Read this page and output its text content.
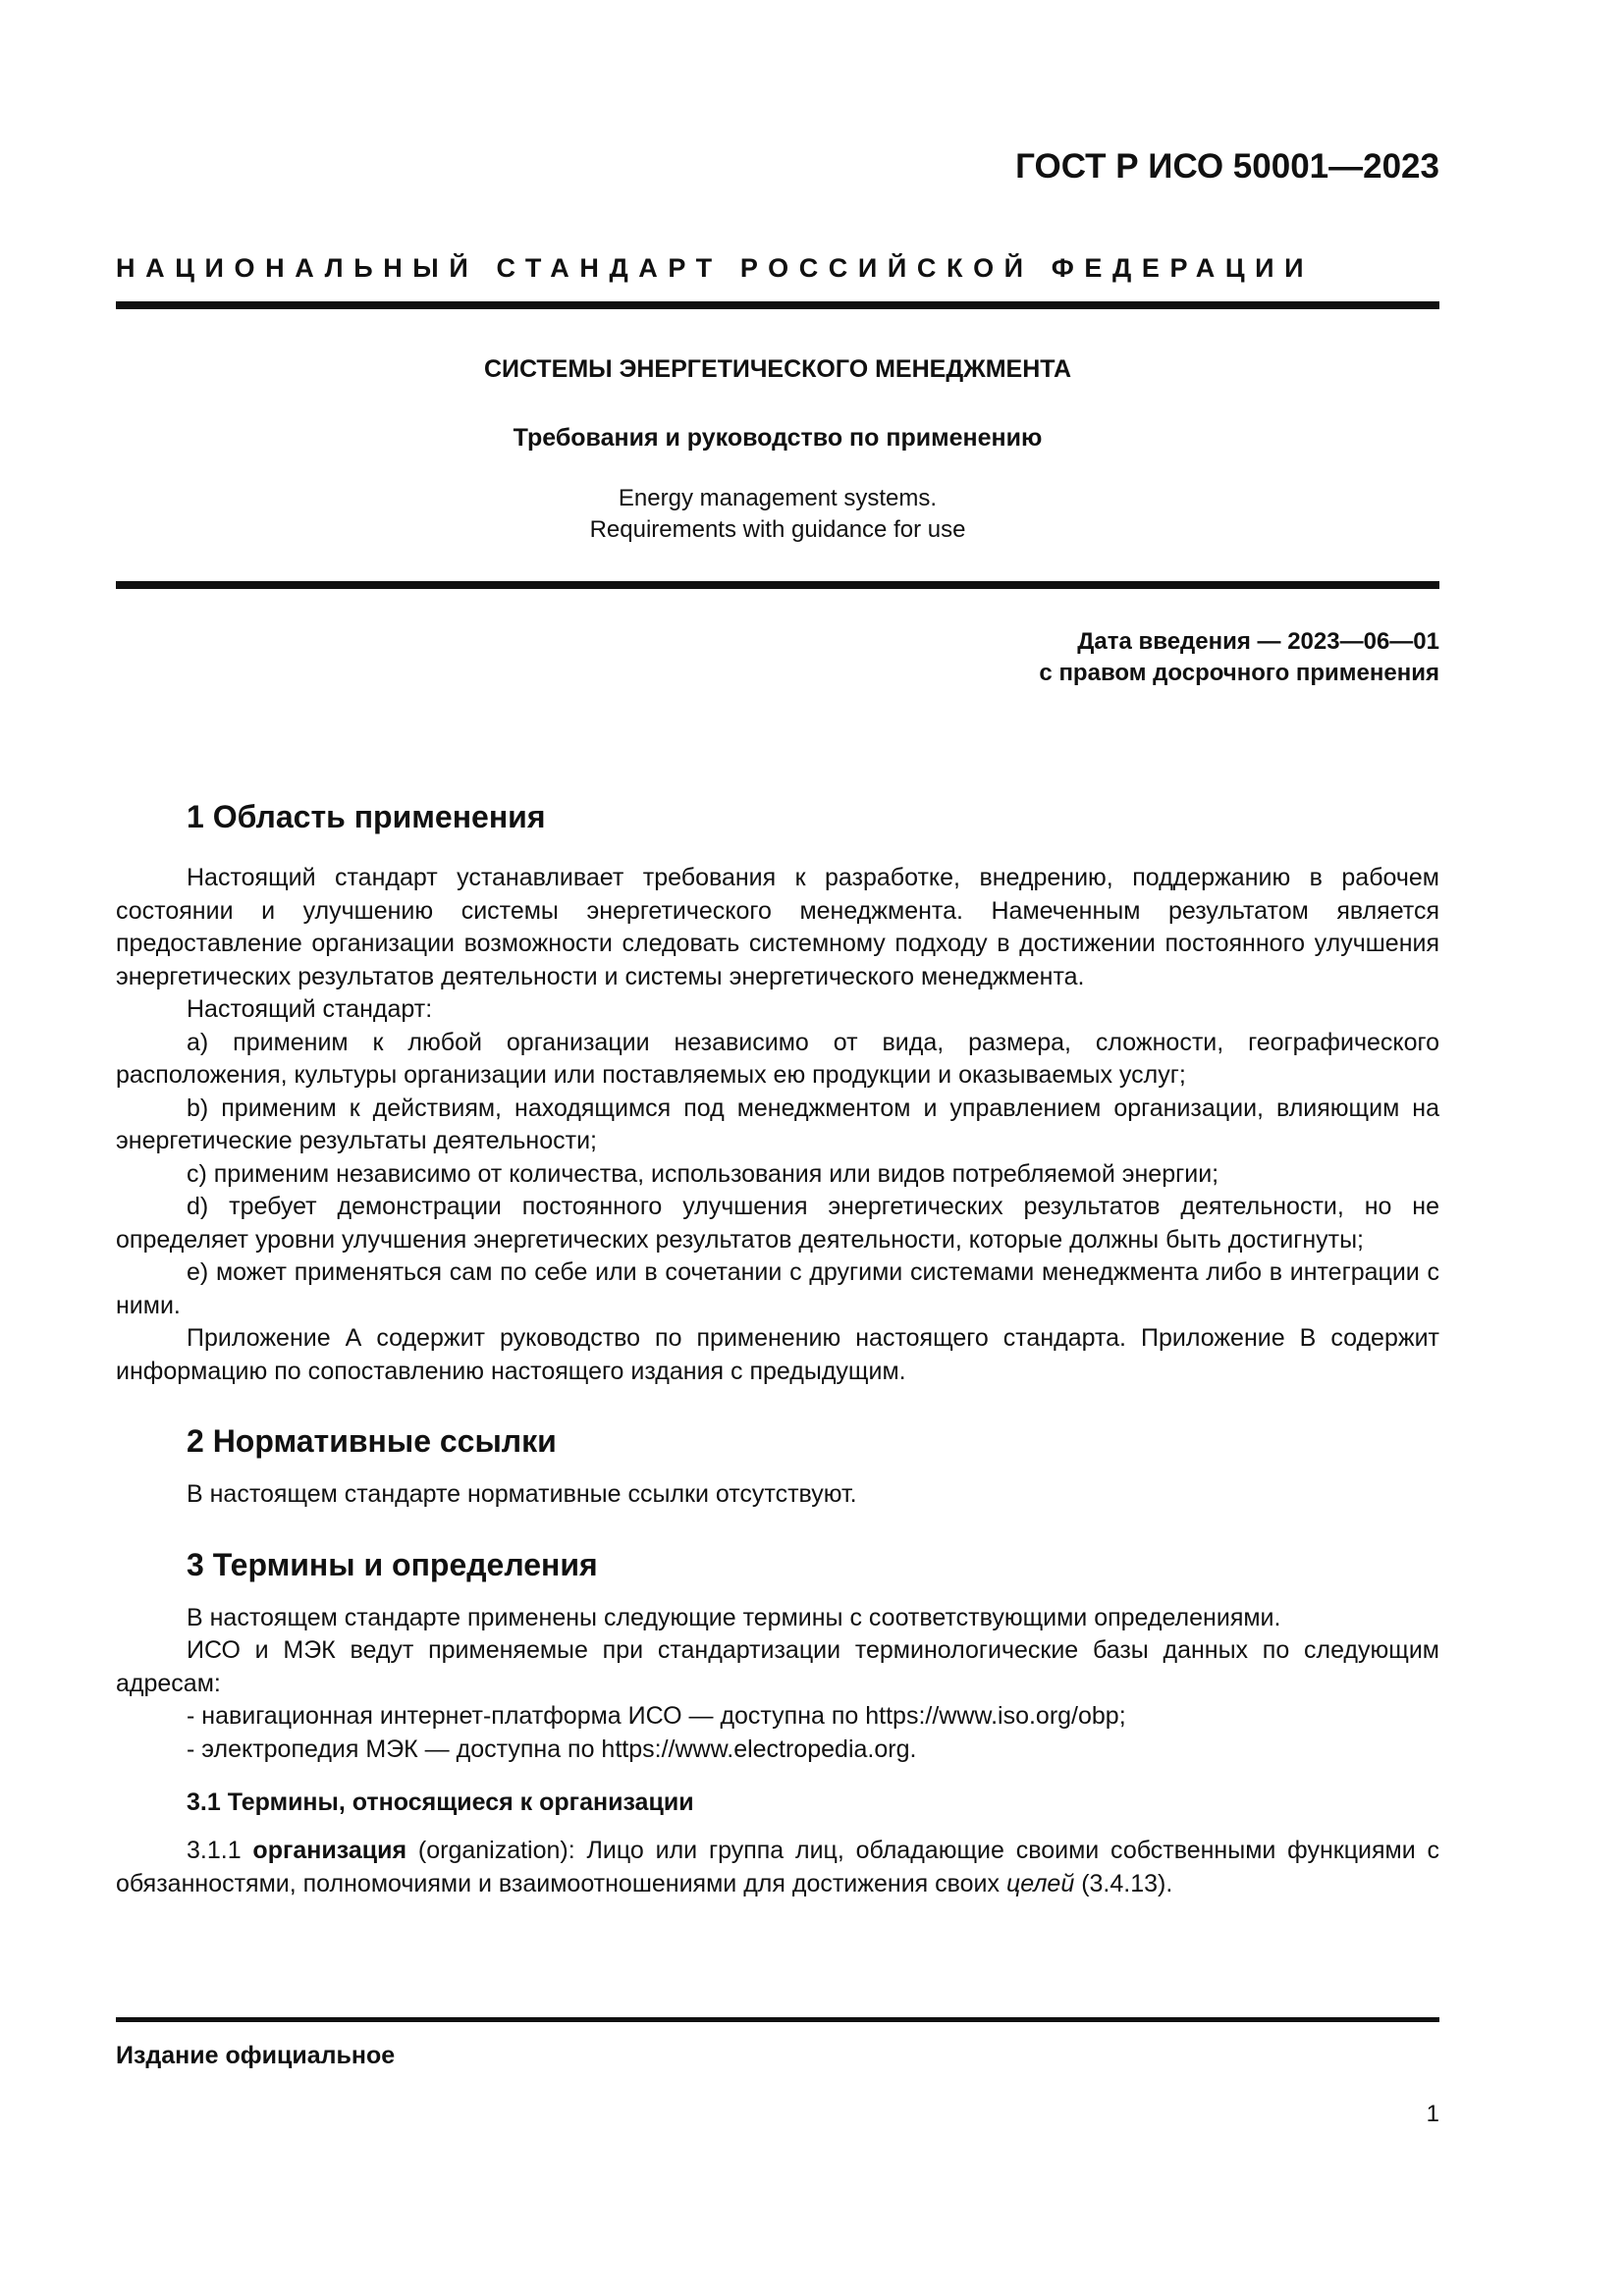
ГОСТ Р ИСО 50001—2023
НАЦИОНАЛЬНЫЙ СТАНДАРТ РОССИЙСКОЙ ФЕДЕРАЦИИ
СИСТЕМЫ ЭНЕРГЕТИЧЕСКОГО МЕНЕДЖМЕНТА
Требования и руководство по применению
Energy management systems.
Requirements with guidance for use
Дата введения — 2023—06—01
с правом досрочного применения
1 Область применения

Настоящий стандарт устанавливает требования к разработке, внедрению, поддержанию в рабочем состоянии и улучшению системы энергетического менеджмента. Намеченным результатом является предоставление организации возможности следовать системному подходу в достижении постоянного улучшения энергетических результатов деятельности и системы энергетического менеджмента.

Настоящий стандарт:

a) применим к любой организации независимо от вида, размера, сложности, географического расположения, культуры организации или поставляемых ею продукции и оказываемых услуг;

b) применим к действиям, находящимся под менеджментом и управлением организации, влияющим на энергетические результаты деятельности;

c) применим независимо от количества, использования или видов потребляемой энергии;

d) требует демонстрации постоянного улучшения энергетических результатов деятельности, но не определяет уровни улучшения энергетических результатов деятельности, которые должны быть достигнуты;

e) может применяться сам по себе или в сочетании с другими системами менеджмента либо в интеграции с ними.

Приложение А содержит руководство по применению настоящего стандарта. Приложение В содержит информацию по сопоставлению настоящего издания с предыдущим.

2 Нормативные ссылки

В настоящем стандарте нормативные ссылки отсутствуют.

3 Термины и определения

В настоящем стандарте применены следующие термины с соответствующими определениями.

ИСО и МЭК ведут применяемые при стандартизации терминологические базы данных по следующим адресам:

- навигационная интернет-платформа ИСО — доступна по https://www.iso.org/obp;

- электропедия МЭК — доступна по https://www.electropedia.org.

3.1 Термины, относящиеся к организации

3.1.1 организация (organization): Лицо или группа лиц, обладающие своими собственными функциями с обязанностями, полномочиями и взаимоотношениями для достижения своих целей (3.4.13).

Издание официальное
1
